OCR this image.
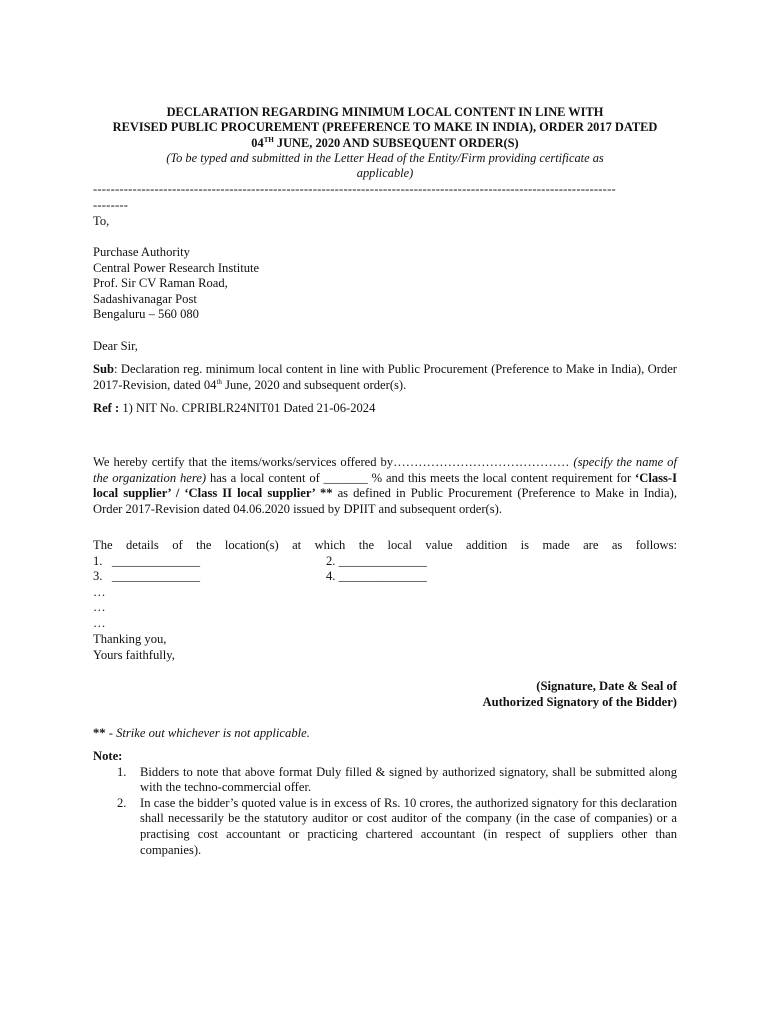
DECLARATION REGARDING MINIMUM LOCAL CONTENT IN LINE WITH
REVISED PUBLIC PROCUREMENT (PREFERENCE TO MAKE IN INDIA), ORDER 2017 DATED
04TH JUNE, 2020 AND SUBSEQUENT ORDER(S)
(To be typed and submitted in the Letter Head of the Entity/Firm providing certificate as
applicable)
-----------------------------------------------------------------------------------------------------------------------
--------
To,
Purchase Authority
Central Power Research Institute
Prof. Sir CV Raman Road,
Sadashivanagar Post
Bengaluru – 560 080
Dear Sir,
Sub: Declaration reg. minimum local content in line with Public Procurement (Preference to Make in India), Order 2017-Revision, dated 04th June, 2020 and subsequent order(s).
Ref : 1) NIT No. CPRIBLR24NIT01 Dated 21-06-2024
We hereby certify that the items/works/services offered by…………………………………… (specify the name of the organization here) has a local content of _______ % and this meets the local content requirement for ‘Class-I local supplier’ / ‘Class II local supplier’ ** as defined in Public Procurement (Preference to Make in India), Order 2017-Revision dated 04.06.2020 issued by DPIIT and subsequent order(s).
The details of the location(s) at which the local value addition is made are as follows:
1.   ______________	2. ______________
3.   ______________	4. ______________
…
…
…
Thanking you,
Yours faithfully,
(Signature, Date & Seal of
Authorized Signatory of the Bidder)
** - Strike out whichever is not applicable.
Note:
1. Bidders to note that above format Duly filled & signed by authorized signatory, shall be submitted along with the techno-commercial offer.
2. In case the bidder’s quoted value is in excess of Rs. 10 crores, the authorized signatory for this declaration shall necessarily be the statutory auditor or cost auditor of the company (in the case of companies) or a practising cost accountant or practicing chartered accountant (in respect of suppliers other than companies).
